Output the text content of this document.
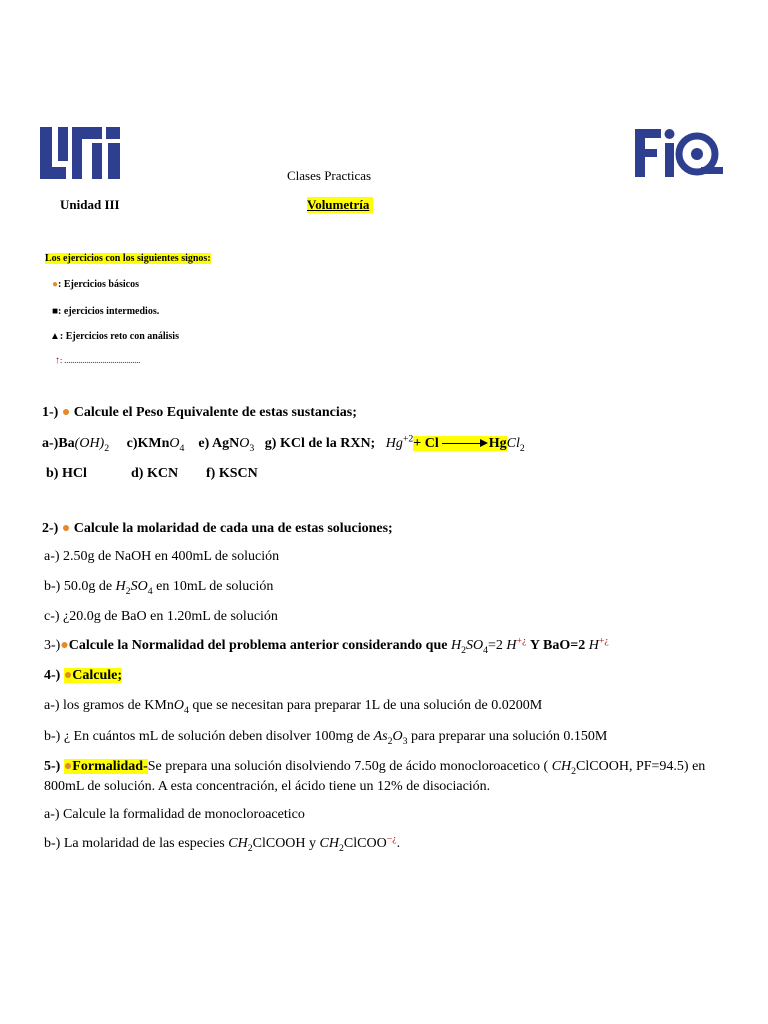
Clases Practicas
Unidad III	Volumetría
Los ejercicios con los siguientes signos:
●: Ejercicios básicos
■: ejercicios intermedios.
▲: Ejercicios reto con análisis
↑: ......................................
1-) ● Calcule el Peso Equivalente de estas sustancias;
$a-)Ba(OH)_2$ c)KMnO$_4$ e) AgNO$_3$ g) KCl de la RXN; $Hg^{+2}+ Cl$ → HgCl$_2$
b) HCl	d) KCN f) KSCN
2-) ● Calcule la molaridad de cada una de estas soluciones;
a-) 2.50g de NaOH en 400mL de solución
b-) 50.0g de $H_2SO_4$ en 10mL de solución
c-) ¿20.0g de BaO en 1.20mL de solución
3-)●Calcule la Normalidad del problema anterior considerando que $H_2SO_4=2$ H+¿ Y BaO=2 H+¿
4-) ●Calcule;
a-) los gramos de KMnO$_4$ que se necesitan para preparar 1L de una solución de 0.0200M
b-) ¿ En cuántos mL de solución deben disolver 100mg de $As_2O_3$ para preparar una solución 0.150M
5-) ●Formalidad-Se prepara una solución disolviendo 7.50g de ácido monocloroacetico ( $CH_2ClCOOH$, PF=94.5) en
800mL de solución. A esta concentración, el ácido tiene un 12% de disociación.
a-) Calcule la formalidad de monocloroacetico
b-) La molaridad de las especies $CH_2ClCOOH$ y $CH_2ClCOO^{-¿}$.
